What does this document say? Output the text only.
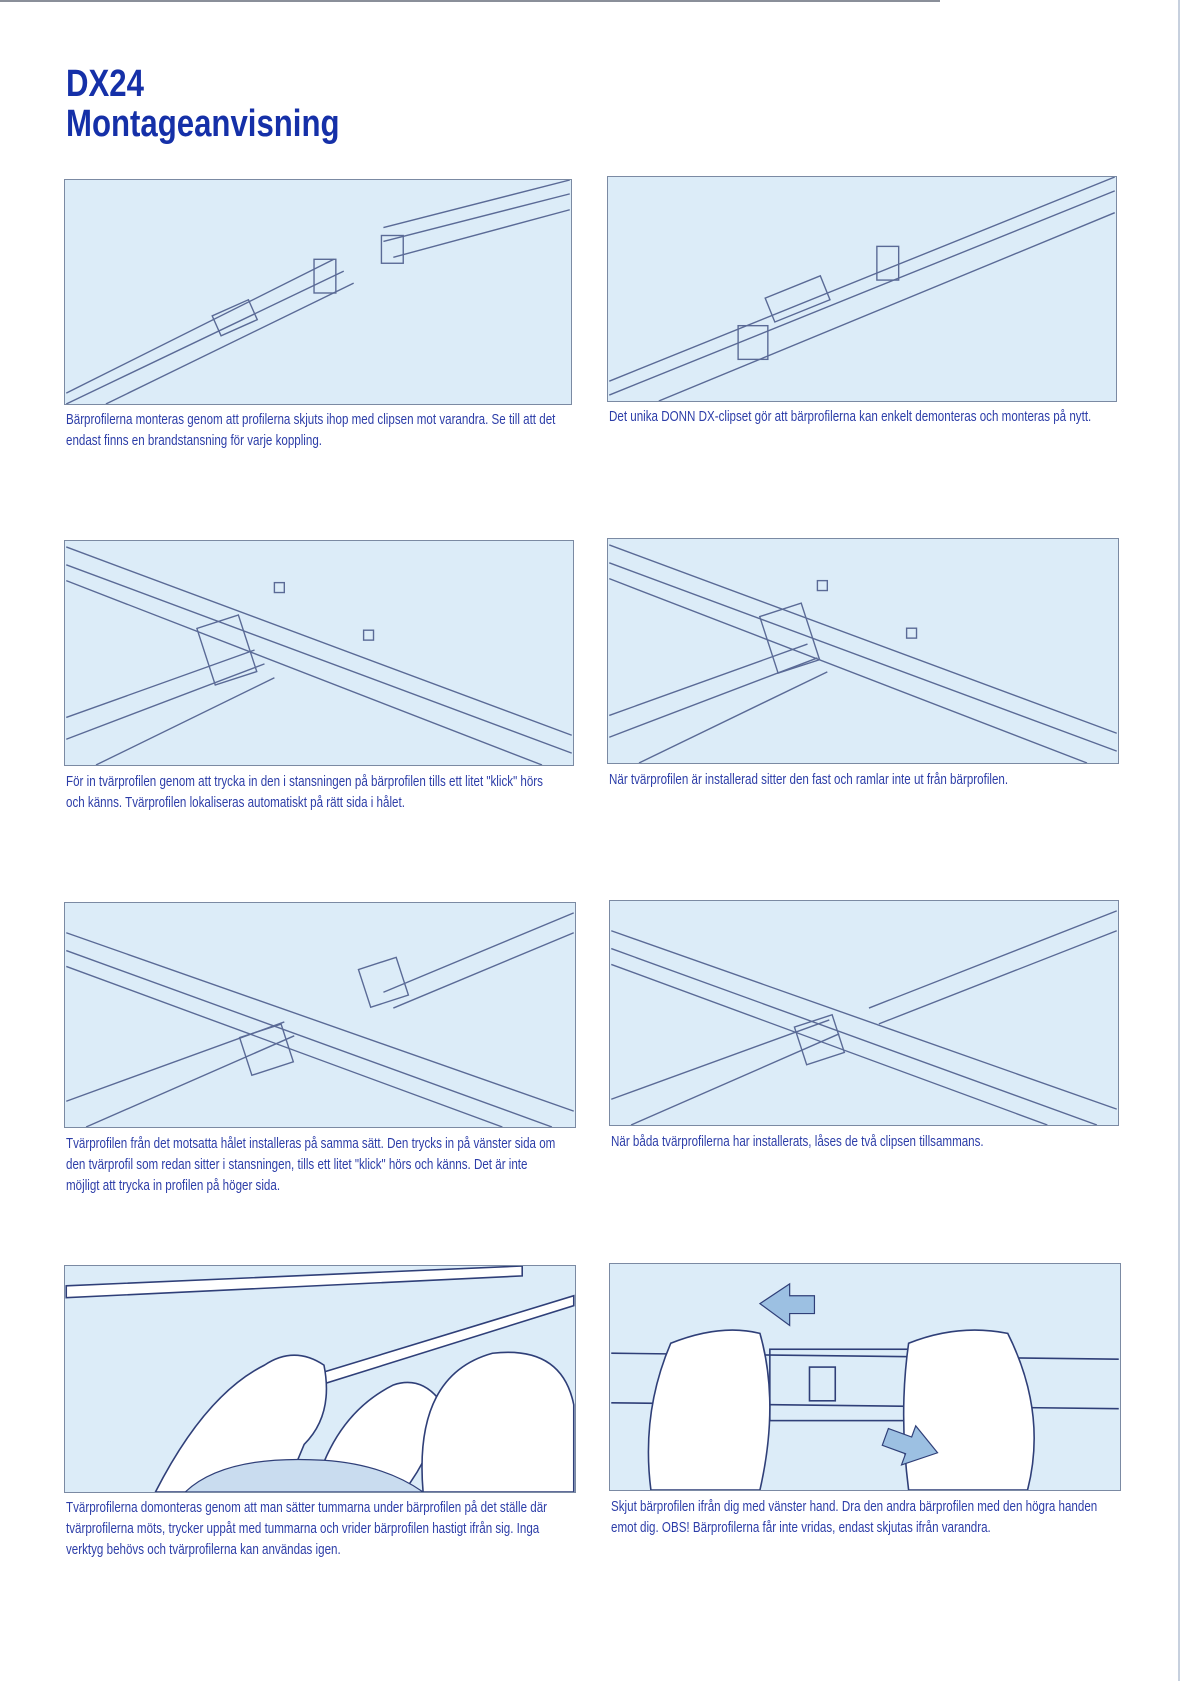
DX24
Montageanvisning
Bärprofilerna monteras genom att profilerna skjuts ihop med clipsen mot varandra. Se till att det endast finns en brandstansning för varje koppling.
Det unika DONN DX-clipset gör att bärprofilerna kan enkelt demonteras och monteras på nytt.
För in tvärprofilen genom att trycka in den i stansningen på bärprofilen tills ett litet "klick" hörs och känns. Tvärprofilen lokaliseras automatiskt på rätt sida i hålet.
När tvärprofilen är installerad sitter den fast och ramlar inte ut från bärprofilen.
Tvärprofilen från det motsatta hålet installeras på samma sätt. Den trycks in på vänster sida om den tvärprofil som redan sitter i stansningen, tills ett litet "klick" hörs och känns. Det är inte möjligt att trycka in profilen på höger sida.
När båda tvärprofilerna har installerats, låses de två clipsen tillsammans.
Tvärprofilerna domonteras genom att man sätter tummarna under bärprofilen på det ställe där tvärprofilerna möts, trycker uppåt med tummarna och vrider bärprofilen hastigt ifrån sig. Inga verktyg behövs och tvärprofilerna kan användas igen.
Skjut bärprofilen ifrån dig med vänster hand. Dra den andra bärprofilen med den högra handen emot dig. OBS! Bärprofilerna får inte vridas, endast skjutas ifrån varandra.
